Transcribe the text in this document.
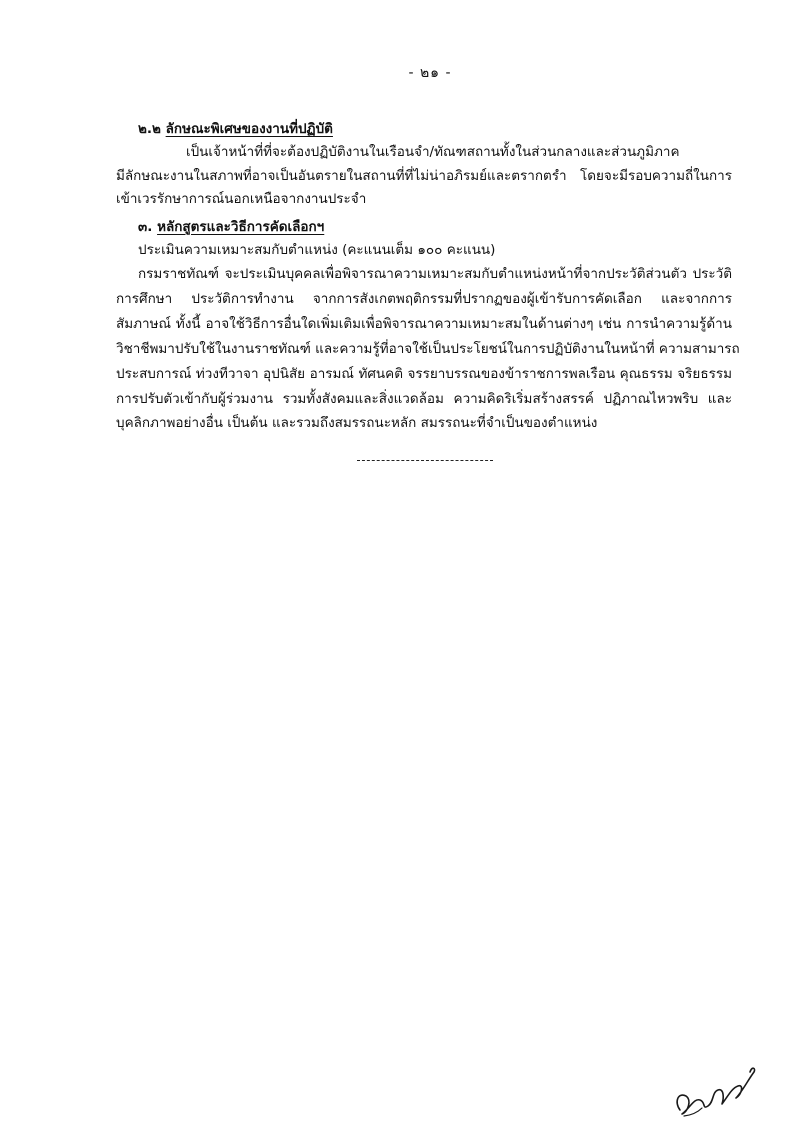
- ๒๑ -
๒.๒ ลักษณะพิเศษของงานที่ปฏิบัติ
เป็นเจ้าหน้าที่ที่จะต้องปฏิบัติงานในเรือนจำ/ทัณฑสถานทั้งในส่วนกลางและส่วนภูมิภาค
มีลักษณะงานในสภาพที่อาจเป็นอันตรายในสถานที่ที่ไม่น่าอภิรมย์และตรากตรำ โดยจะมีรอบความถี่ในการ
เข้าเวรรักษาการณ์นอกเหนือจากงานประจำ
๓. หลักสูตรและวิธีการคัดเลือกฯ
ประเมินความเหมาะสมกับตำแหน่ง (คะแนนเต็ม ๑๐๐ คะแนน)
กรมราชทัณฑ์ จะประเมินบุคคลเพื่อพิจารณาความเหมาะสมกับตำแหน่งหน้าที่จากประวัติส่วนตัว ประวัติ
การศึกษา ประวัติการทำงาน จากการสังเกตพฤติกรรมที่ปรากฏของผู้เข้ารับการคัดเลือก และจากการ
สัมภาษณ์ ทั้งนี้ อาจใช้วิธีการอื่นใดเพิ่มเติมเพื่อพิจารณาความเหมาะสมในด้านต่างๆ เช่น การนำความรู้ด้าน
วิชาชีพมาปรับใช้ในงานราชทัณฑ์ และความรู้ที่อาจใช้เป็นประโยชน์ในการปฏิบัติงานในหน้าที่ ความสามารถ
ประสบการณ์ ท่วงทีวาจา อุปนิสัย อารมณ์ ทัศนคติ จรรยาบรรณของข้าราชการพลเรือน คุณธรรม จริยธรรม
การปรับตัวเข้ากับผู้ร่วมงาน รวมทั้งสังคมและสิ่งแวดล้อม ความคิดริเริ่มสร้างสรรค์ ปฏิภาณไหวพริบ และ
บุคลิกภาพอย่างอื่น เป็นต้น และรวมถึงสมรรถนะหลัก สมรรถนะที่จำเป็นของตำแหน่ง
